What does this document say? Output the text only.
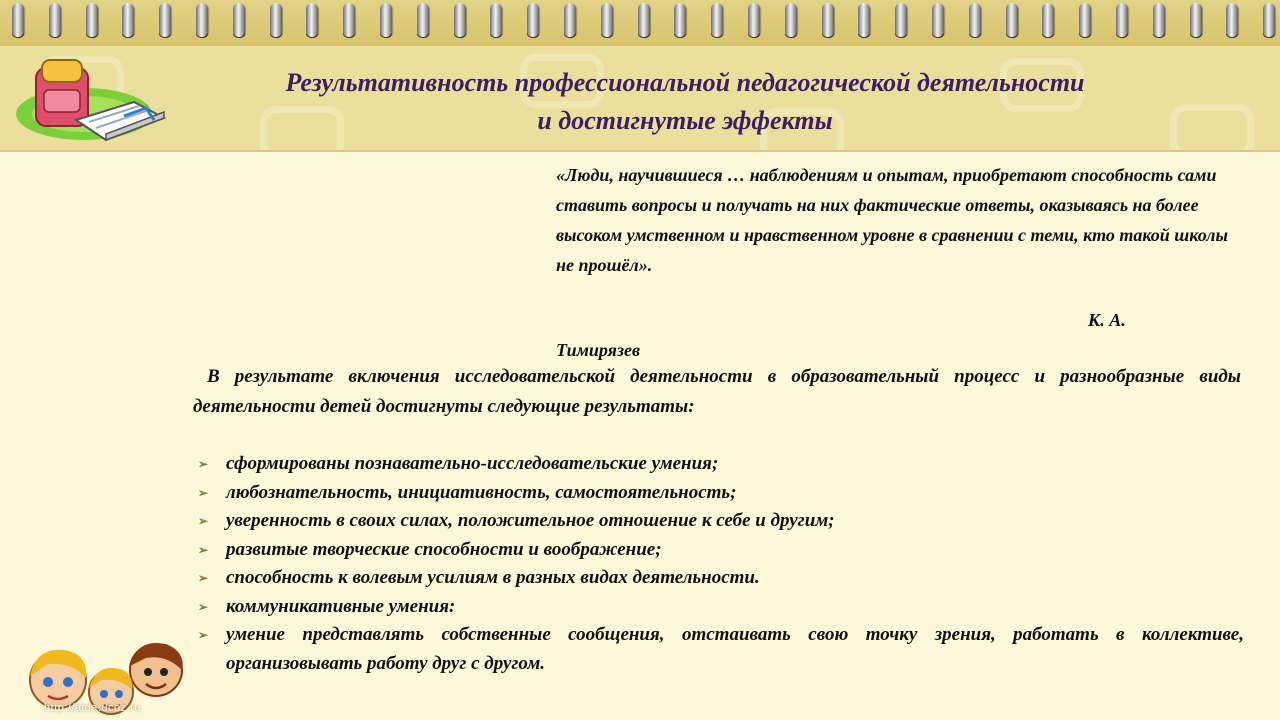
Результативность профессиональной педагогической деятельности
и достигнутые эффекты
«Люди, научившиеся … наблюдениям и опытам, приобретают способность сами ставить вопросы и получать на них фактические ответы, оказываясь на более высоком умственном и нравственном уровне в сравнении с теми, кто такой школы не прошёл».
К. А.
Тимирязев
В результате включения исследовательской деятельности в образовательный процесс и разнообразные виды деятельности детей достигнуты следующие результаты:
➢ сформированы познавательно-исследовательские умения;
➢ любознательность, инициативность, самостоятельность;
➢ уверенность в своих силах, положительное отношение к себе и другим;
➢ развитые творческие способности и воображение;
➢ способность к волевым усилиям в разных видах деятельности.
➢ коммуникативные умения:
➢ умение представлять собственные сообщения, отстаивать свою точку зрения, работать в коллективе, организовывать работу друг с другом.
http://aida.ucoz.ru
